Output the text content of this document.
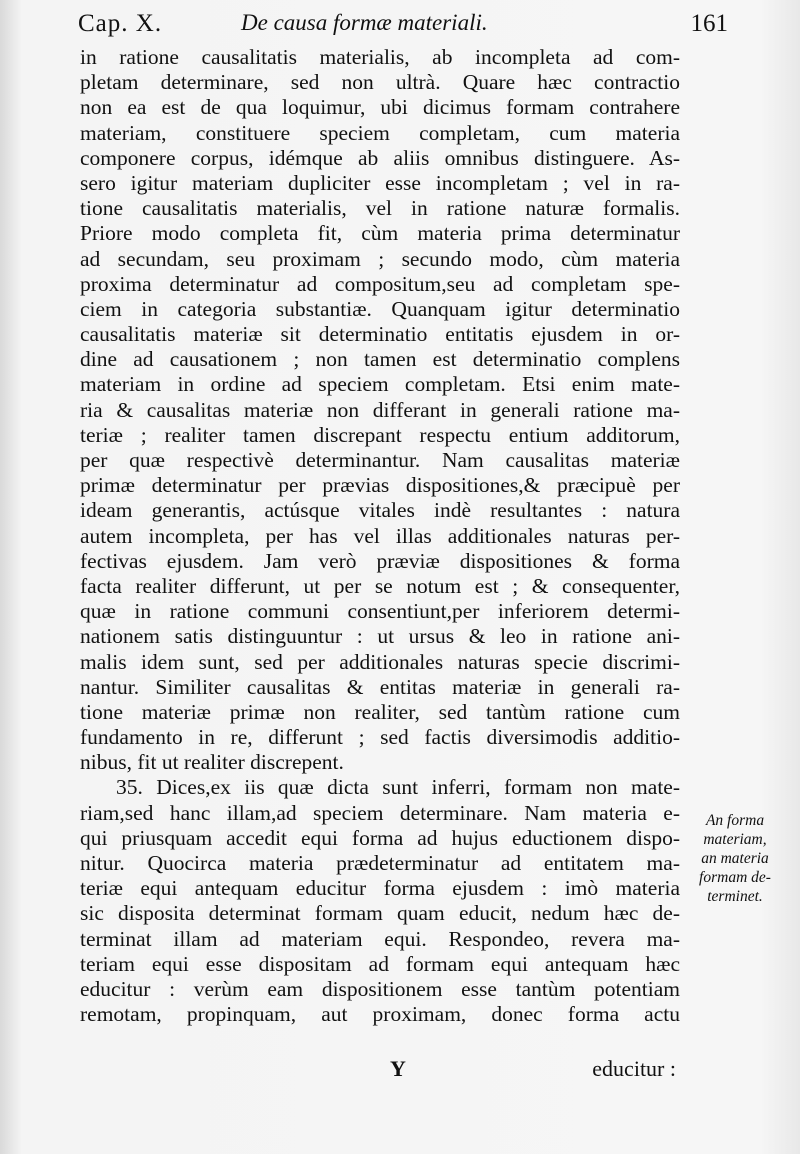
Cap. X.	De causa formæ materiali.	161
in ratione causalitatis materialis, ab incompleta ad com-
pletam determinare, sed non ultrà. Quare hæc contractio
non ea est de qua loquimur, ubi dicimus formam contrahere
materiam, constituere speciem completam, cum materia
componere corpus, idémque ab aliis omnibus distinguere. As-
sero igitur materiam dupliciter esse incompletam ; vel in ra-
tione causalitatis materialis, vel in ratione naturæ formalis.
Priore modo completa fit, cùm materia prima determinatur
ad secundam, seu proximam ; secundo modo, cùm materia
proxima determinatur ad compositum,seu ad completam spe-
ciem in categoria substantiæ. Quanquam igitur determinatio
causalitatis materiæ sit determinatio entitatis ejusdem in or-
dine ad causationem ; non tamen est determinatio complens
materiam in ordine ad speciem completam. Etsi enim mate-
ria & causalitas materiæ non differant in generali ratione ma-
teriæ ; realiter tamen discrepant respectu entium additorum,
per quæ respectivè determinantur. Nam causalitas materiæ
primæ determinatur per prævias dispositiones,& præcipuè per
ideam generantis, actúsque vitales indè resultantes : natura
autem incompleta, per has vel illas additionales naturas per-
fectivas ejusdem. Jam verò præviæ dispositiones & forma
facta realiter differunt, ut per se notum est ; & consequenter,
quæ in ratione communi consentiunt,per inferiorem determi-
nationem satis distinguuntur : ut ursus & leo in ratione ani-
malis idem sunt, sed per additionales naturas specie discrimi-
nantur. Similiter causalitas & entitas materiæ in generali ra-
tione materiæ primæ non realiter, sed tantùm ratione cum
fundamento in re, differunt ; sed factis diversimodis additio-
nibus, fit ut realiter discrepent.
35. Dices,ex iis quæ dicta sunt inferri, formam non mate-
riam,sed hanc illam,ad speciem determinare. Nam materia e-
qui priusquam accedit equi forma ad hujus eductionem dispo-
nitur. Quocirca materia prædeterminatur ad entitatem ma-
teriæ equi antequam educitur forma ejusdem : imò materia
sic disposita determinat formam quam educit, nedum hæc de-
terminat illam ad materiam equi. Respondeo, revera ma-
teriam equi esse dispositam ad formam equi antequam hæc
educitur : verùm eam dispositionem esse tantùm potentiam
remotam, propinquam, aut proximam, donec forma actu
An forma
materiam,
an materia
formam de-
terminet.
Y	educitur :
